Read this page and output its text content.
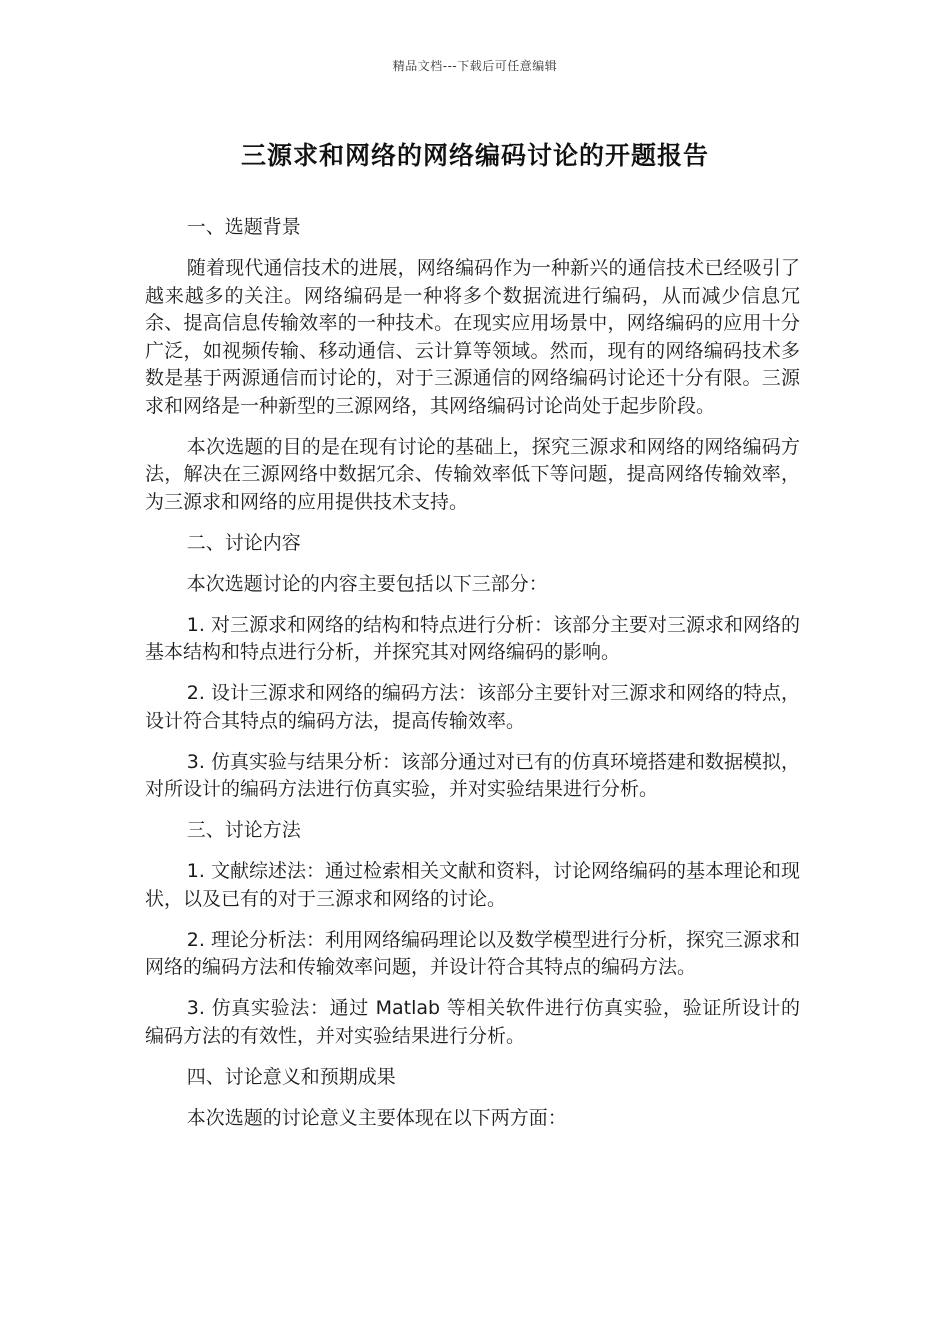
精品文档---下载后可任意编辑
三源求和网络的网络编码讨论的开题报告

一、选题背景

随着现代通信技术的进展，网络编码作为一种新兴的通信技术已经吸引了越来越多的关注。网络编码是一种将多个数据流进行编码，从而减少信息冗余、提高信息传输效率的一种技术。在现实应用场景中，网络编码的应用十分广泛，如视频传输、移动通信、云计算等领域。然而，现有的网络编码技术多数是基于两源通信而讨论的，对于三源通信的网络编码讨论还十分有限。三源求和网络是一种新型的三源网络，其网络编码讨论尚处于起步阶段。

本次选题的目的是在现有讨论的基础上，探究三源求和网络的网络编码方法，解决在三源网络中数据冗余、传输效率低下等问题，提高网络传输效率，为三源求和网络的应用提供技术支持。

二、讨论内容

本次选题讨论的内容主要包括以下三部分：

1. 对三源求和网络的结构和特点进行分析：该部分主要对三源求和网络的基本结构和特点进行分析，并探究其对网络编码的影响。

2. 设计三源求和网络的编码方法：该部分主要针对三源求和网络的特点，设计符合其特点的编码方法，提高传输效率。

3. 仿真实验与结果分析：该部分通过对已有的仿真环境搭建和数据模拟，对所设计的编码方法进行仿真实验，并对实验结果进行分析。

三、讨论方法

1. 文献综述法：通过检索相关文献和资料，讨论网络编码的基本理论和现状，以及已有的对于三源求和网络的讨论。

2. 理论分析法：利用网络编码理论以及数学模型进行分析，探究三源求和网络的编码方法和传输效率问题，并设计符合其特点的编码方法。

3. 仿真实验法：通过 Matlab 等相关软件进行仿真实验，验证所设计的编码方法的有效性，并对实验结果进行分析。

四、讨论意义和预期成果

本次选题的讨论意义主要体现在以下两方面：
